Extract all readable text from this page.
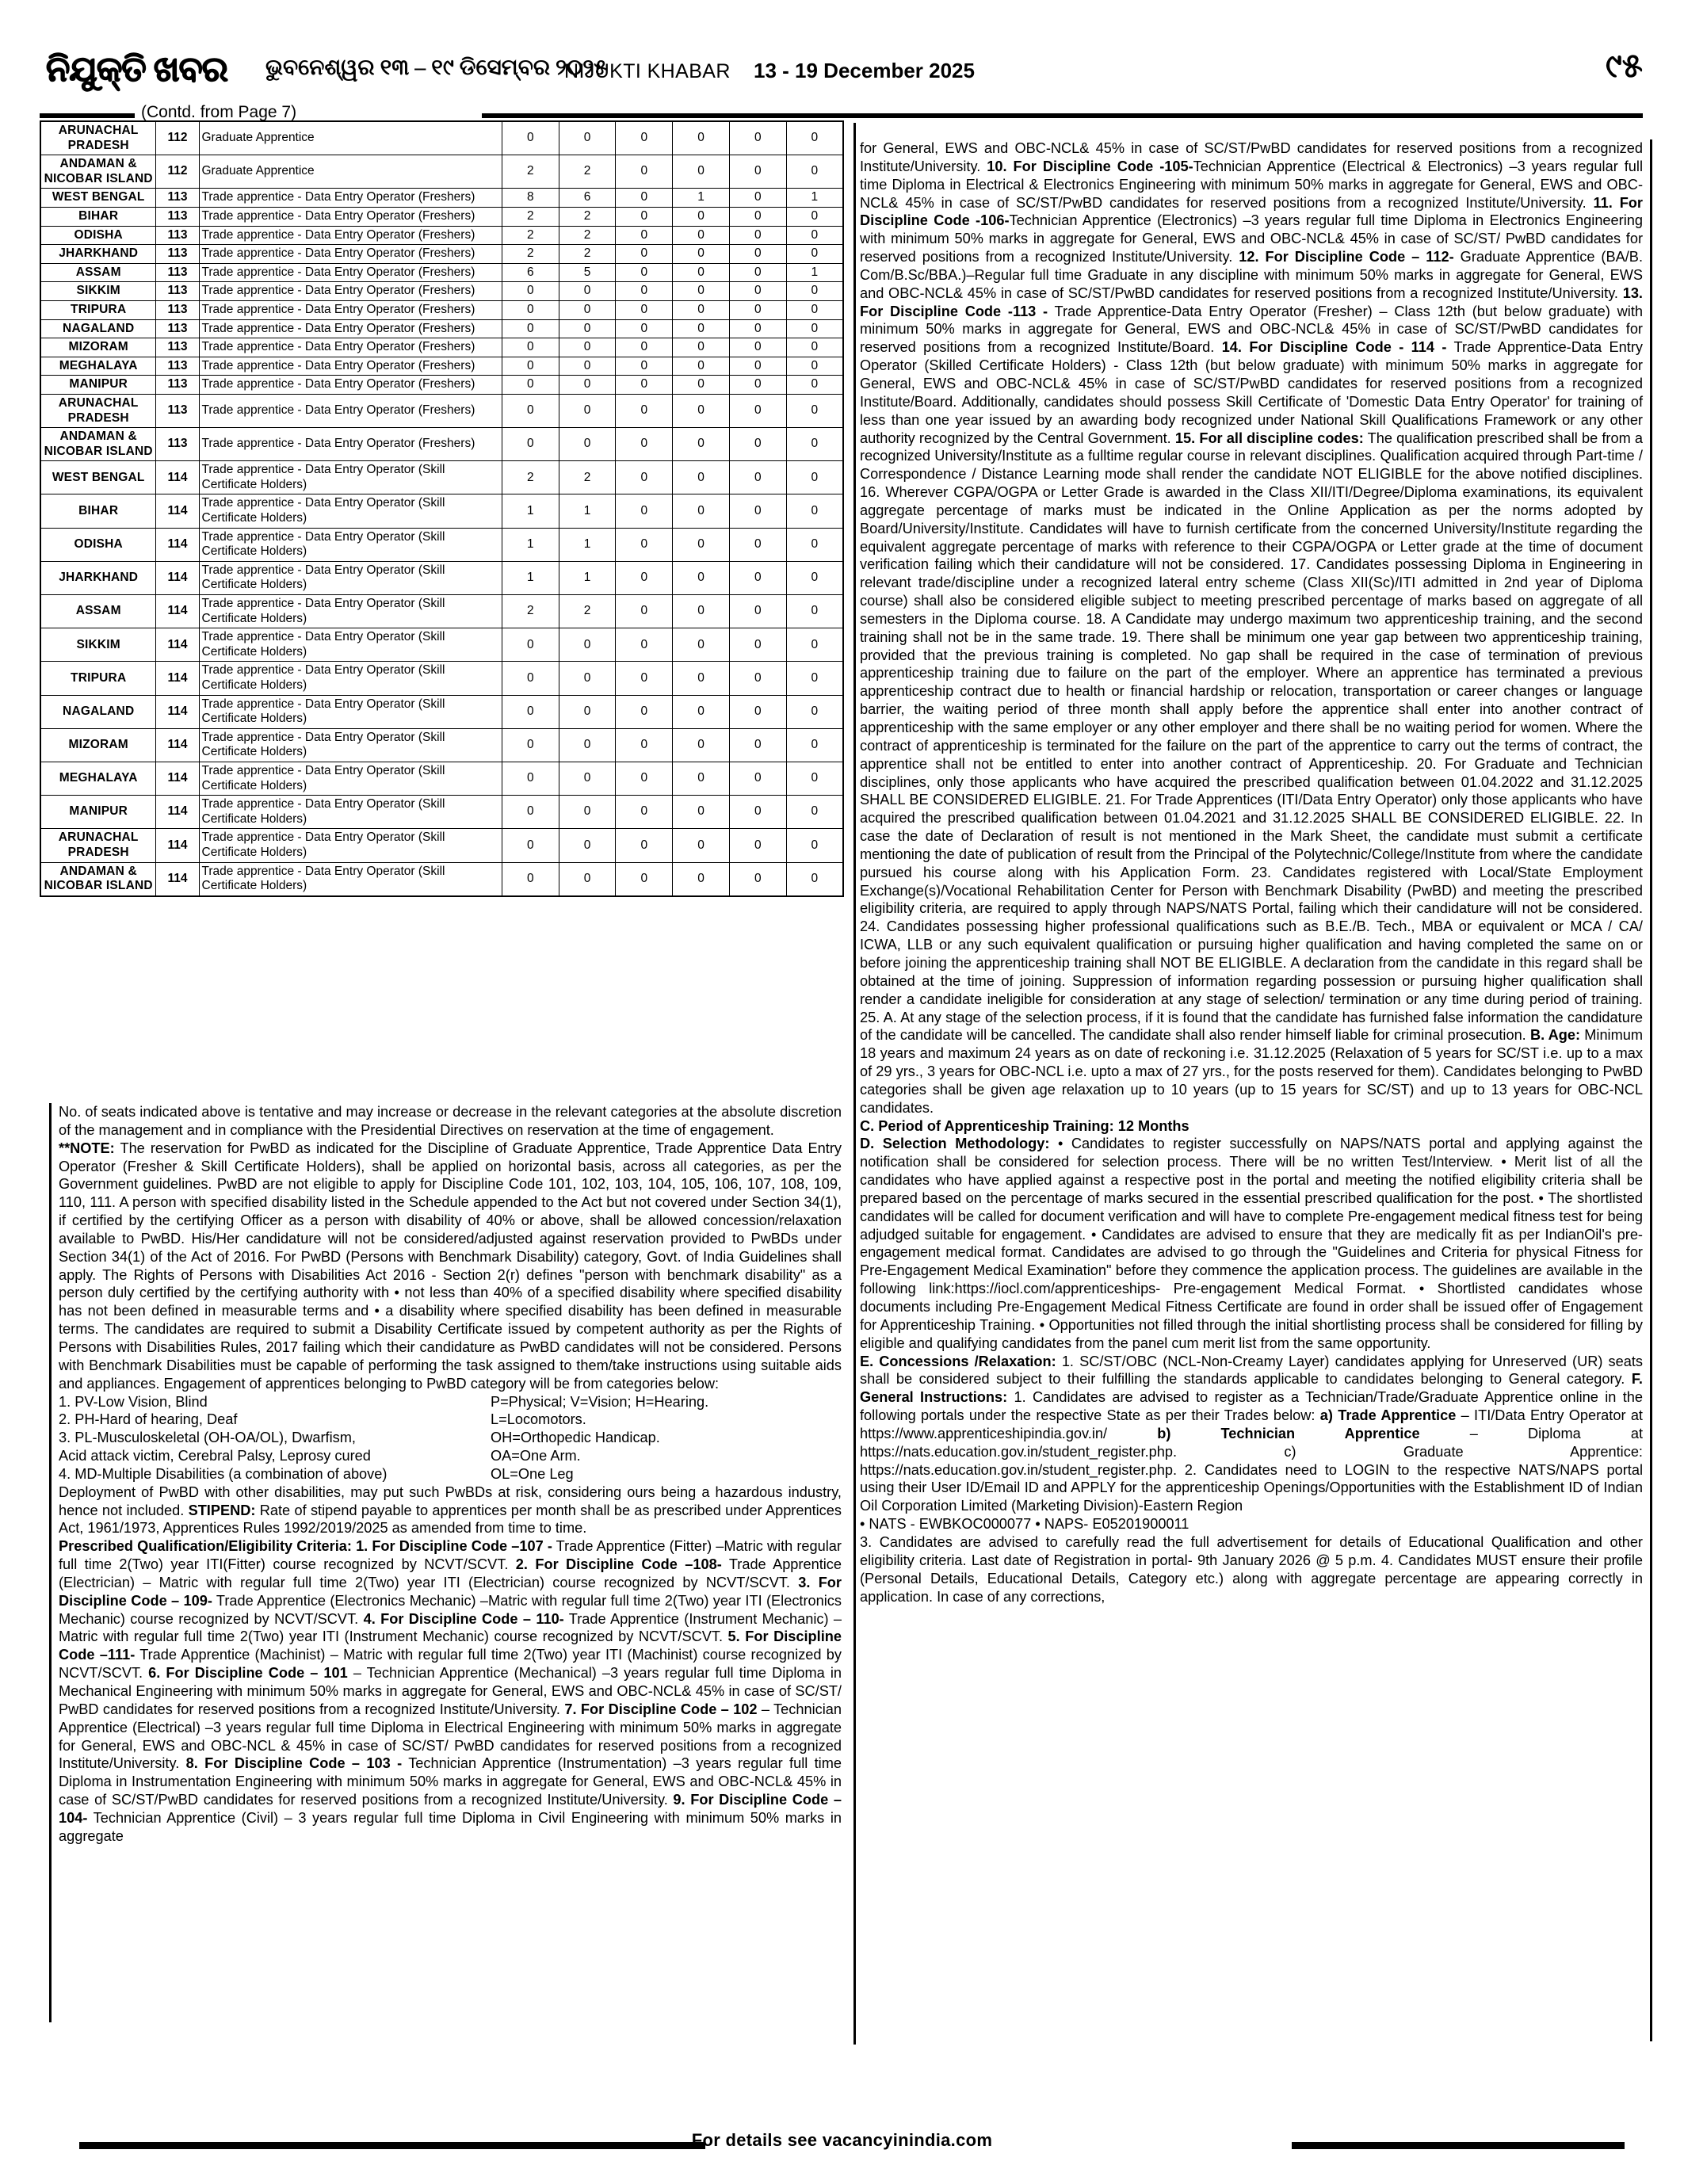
ନିଯୁକ୍ତି ଖବର ଭୁବନେଶ୍ୱର ୧୩ – ୧୯ ଡିସେମ୍ବର ୨୦୨୫
NIJUKTI KHABAR 13 - 19 December 2025	୯୫
(Contd. from Page 7)
ARUNACHAL PRADESH	112	Graduate Apprentice	0	0	0	0	0	0
ANDAMAN & NICOBAR ISLAND	112	Graduate Apprentice	2	2	0	0	0	0
WEST BENGAL	113	Trade apprentice - Data Entry Operator (Freshers)	8	6	0	1	0	1
BIHAR	113	Trade apprentice - Data Entry Operator (Freshers)	2	2	0	0	0	0
ODISHA	113	Trade apprentice - Data Entry Operator (Freshers)	2	2	0	0	0	0
JHARKHAND	113	Trade apprentice - Data Entry Operator (Freshers)	2	2	0	0	0	0
ASSAM	113	Trade apprentice - Data Entry Operator (Freshers)	6	5	0	0	0	1
SIKKIM	113	Trade apprentice - Data Entry Operator (Freshers)	0	0	0	0	0	0
TRIPURA	113	Trade apprentice - Data Entry Operator (Freshers)	0	0	0	0	0	0
NAGALAND	113	Trade apprentice - Data Entry Operator (Freshers)	0	0	0	0	0	0
MIZORAM	113	Trade apprentice - Data Entry Operator (Freshers)	0	0	0	0	0	0
MEGHALAYA	113	Trade apprentice - Data Entry Operator (Freshers)	0	0	0	0	0	0
MANIPUR	113	Trade apprentice - Data Entry Operator (Freshers)	0	0	0	0	0	0
ARUNACHAL PRADESH	113	Trade apprentice - Data Entry Operator (Freshers)	0	0	0	0	0	0
ANDAMAN & NICOBAR ISLAND	113	Trade apprentice - Data Entry Operator (Freshers)	0	0	0	0	0	0
WEST BENGAL	114	Trade apprentice - Data Entry Operator (Skill Certificate Holders)	2	2	0	0	0	0
BIHAR	114	Trade apprentice - Data Entry Operator (Skill Certificate Holders)	1	1	0	0	0	0
ODISHA	114	Trade apprentice - Data Entry Operator (Skill Certificate Holders)	1	1	0	0	0	0
JHARKHAND	114	Trade apprentice - Data Entry Operator (Skill Certificate Holders)	1	1	0	0	0	0
ASSAM	114	Trade apprentice - Data Entry Operator (Skill Certificate Holders)	2	2	0	0	0	0
SIKKIM	114	Trade apprentice - Data Entry Operator (Skill Certificate Holders)	0	0	0	0	0	0
TRIPURA	114	Trade apprentice - Data Entry Operator (Skill Certificate Holders)	0	0	0	0	0	0
NAGALAND	114	Trade apprentice - Data Entry Operator (Skill Certificate Holders)	0	0	0	0	0	0
MIZORAM	114	Trade apprentice - Data Entry Operator (Skill Certificate Holders)	0	0	0	0	0	0
MEGHALAYA	114	Trade apprentice - Data Entry Operator (Skill Certificate Holders)	0	0	0	0	0	0
MANIPUR	114	Trade apprentice - Data Entry Operator (Skill Certificate Holders)	0	0	0	0	0	0
ARUNACHAL PRADESH	114	Trade apprentice - Data Entry Operator (Skill Certificate Holders)	0	0	0	0	0	0
ANDAMAN & NICOBAR ISLAND	114	Trade apprentice - Data Entry Operator (Skill Certificate Holders)	0	0	0	0	0	0

No. of seats indicated above is tentative and may increase or decrease in the relevant categories at the absolute discretion of the management and in compliance with the Presidential Directives on reservation at the time of engagement.

**NOTE: The reservation for PwBD as indicated for the Discipline of Graduate Apprentice, Trade Apprentice Data Entry Operator (Fresher & Skill Certificate Holders), shall be applied on horizontal basis, across all categories, as per the Government guidelines. PwBD are not eligible to apply for Discipline Code 101, 102, 103, 104, 105, 106, 107, 108, 109, 110, 111. A person with specified disability listed in the Schedule appended to the Act but not covered under Section 34(1), if certified by the certifying Officer as a person with disability of 40% or above, shall be allowed concession/relaxation available to PwBD. His/Her candidature will not be considered/adjusted against reservation provided to PwBDs under Section 34(1) of the Act of 2016. For PwBD (Persons with Benchmark Disability) category, Govt. of India Guidelines shall apply. The Rights of Persons with Disabilities Act 2016 - Section 2(r) defines "person with benchmark disability" as a person duly certified by the certifying authority with • not less than 40% of a specified disability where specified disability has not been defined in measurable terms and • a disability where specified disability has been defined in measurable terms. The candidates are required to submit a Disability Certificate issued by competent authority as per the Rights of Persons with Disabilities Rules, 2017 failing which their candidature as PwBD candidates will not be considered. Persons with Benchmark Disabilities must be capable of performing the task assigned to them/take instructions using suitable aids and appliances. Engagement of apprentices belonging to PwBD category will be from categories below:

1. PV-Low Vision, Blind	P=Physical; V=Vision; H=Hearing.
2. PH-Hard of hearing, Deaf	L=Locomotors.
3. PL-Musculoskeletal (OH-OA/OL), Dwarfism,	OH=Orthopedic Handicap.
Acid attack victim, Cerebral Palsy, Leprosy cured	OA=One Arm.
4. MD-Multiple Disabilities (a combination of above)	OL=One Leg

Deployment of PwBD with other disabilities, may put such PwBDs at risk, considering ours being a hazardous industry, hence not included. STIPEND: Rate of stipend payable to apprentices per month shall be as prescribed under Apprentices Act, 1961/1973, Apprentices Rules 1992/2019/2025 as amended from time to time.

Prescribed Qualification/Eligibility Criteria: 1. For Discipline Code –107 - Trade Apprentice (Fitter) –Matric with regular full time 2(Two) year ITI(Fitter) course recognized by NCVT/SCVT. 2. For Discipline Code –108- Trade Apprentice (Electrician) – Matric with regular full time 2(Two) year ITI (Electrician) course recognized by NCVT/SCVT. 3. For Discipline Code – 109- Trade Apprentice (Electronics Mechanic) –Matric with regular full time 2(Two) year ITI (Electronics Mechanic) course recognized by NCVT/SCVT. 4. For Discipline Code – 110- Trade Apprentice (Instrument Mechanic) –Matric with regular full time 2(Two) year ITI (Instrument Mechanic) course recognized by NCVT/SCVT. 5. For Discipline Code –111- Trade Apprentice (Machinist) – Matric with regular full time 2(Two) year ITI (Machinist) course recognized by NCVT/SCVT. 6. For Discipline Code – 101 – Technician Apprentice (Mechanical) –3 years regular full time Diploma in Mechanical Engineering with minimum 50% marks in aggregate for General, EWS and OBC-NCL& 45% in case of SC/ST/ PwBD candidates for reserved positions from a recognized Institute/University. 7. For Discipline Code – 102 – Technician Apprentice (Electrical) –3 years regular full time Diploma in Electrical Engineering with minimum 50% marks in aggregate for General, EWS and OBC-NCL & 45% in case of SC/ST/ PwBD candidates for reserved positions from a recognized Institute/University. 8. For Discipline Code – 103 - Technician Apprentice (Instrumentation) –3 years regular full time Diploma in Instrumentation Engineering with minimum 50% marks in aggregate for General, EWS and OBC-NCL& 45% in case of SC/ST/PwBD candidates for reserved positions from a recognized Institute/University. 9. For Discipline Code – 104- Technician Apprentice (Civil) – 3 years regular full time Diploma in Civil Engineering with minimum 50% marks in aggregate

for General, EWS and OBC-NCL& 45% in case of SC/ST/PwBD candidates for reserved positions from a recognized Institute/University. 10. For Discipline Code -105-Technician Apprentice (Electrical & Electronics) –3 years regular full time Diploma in Electrical & Electronics Engineering with minimum 50% marks in aggregate for General, EWS and OBC-NCL& 45% in case of SC/ST/PwBD candidates for reserved positions from a recognized Institute/University. 11. For Discipline Code -106-Technician Apprentice (Electronics) –3 years regular full time Diploma in Electronics Engineering with minimum 50% marks in aggregate for General, EWS and OBC-NCL& 45% in case of SC/ST/ PwBD candidates for reserved positions from a recognized Institute/University. 12. For Discipline Code – 112- Graduate Apprentice (BA/B. Com/B.Sc/BBA.)–Regular full time Graduate in any discipline with minimum 50% marks in aggregate for General, EWS and OBC-NCL& 45% in case of SC/ST/PwBD candidates for reserved positions from a recognized Institute/University. 13. For Discipline Code -113 - Trade Apprentice-Data Entry Operator (Fresher) – Class 12th (but below graduate) with minimum 50% marks in aggregate for General, EWS and OBC-NCL& 45% in case of SC/ST/PwBD candidates for reserved positions from a recognized Institute/Board. 14. For Discipline Code - 114 - Trade Apprentice-Data Entry Operator (Skilled Certificate Holders) - Class 12th (but below graduate) with minimum 50% marks in aggregate for General, EWS and OBC-NCL& 45% in case of SC/ST/PwBD candidates for reserved positions from a recognized Institute/Board. Additionally, candidates should possess Skill Certificate of 'Domestic Data Entry Operator' for training of less than one year issued by an awarding body recognized under National Skill Qualifications Framework or any other authority recognized by the Central Government. 15. For all discipline codes: The qualification prescribed shall be from a recognized University/Institute as a fulltime regular course in relevant disciplines. Qualification acquired through Part-time / Correspondence / Distance Learning mode shall render the candidate NOT ELIGIBLE for the above notified disciplines. 16. Wherever CGPA/OGPA or Letter Grade is awarded in the Class XII/ITI/Degree/Diploma examinations, its equivalent aggregate percentage of marks must be indicated in the Online Application as per the norms adopted by Board/University/Institute. Candidates will have to furnish certificate from the concerned University/Institute regarding the equivalent aggregate percentage of marks with reference to their CGPA/OGPA or Letter grade at the time of document verification failing which their candidature will not be considered. 17. Candidates possessing Diploma in Engineering in relevant trade/discipline under a recognized lateral entry scheme (Class XII(Sc)/ITI admitted in 2nd year of Diploma course) shall also be considered eligible subject to meeting prescribed percentage of marks based on aggregate of all semesters in the Diploma course. 18. A Candidate may undergo maximum two apprenticeship training, and the second training shall not be in the same trade. 19. There shall be minimum one year gap between two apprenticeship training, provided that the previous training is completed. No gap shall be required in the case of termination of previous apprenticeship training due to failure on the part of the employer. Where an apprentice has terminated a previous apprenticeship contract due to health or financial hardship or relocation, transportation or career changes or language barrier, the waiting period of three month shall apply before the apprentice shall enter into another contract of apprenticeship with the same employer or any other employer and there shall be no waiting period for women. Where the contract of apprenticeship is terminated for the failure on the part of the apprentice to carry out the terms of contract, the apprentice shall not be entitled to enter into another contract of Apprenticeship. 20. For Graduate and Technician disciplines, only those applicants who have acquired the prescribed qualification between 01.04.2022 and 31.12.2025 SHALL BE CONSIDERED ELIGIBLE. 21. For Trade Apprentices (ITI/Data Entry Operator) only those applicants who have acquired the prescribed qualification between 01.04.2021 and 31.12.2025 SHALL BE CONSIDERED ELIGIBLE. 22. In case the date of Declaration of result is not mentioned in the Mark Sheet, the candidate must submit a certificate mentioning the date of publication of result from the Principal of the Polytechnic/College/Institute from where the candidate pursued his course along with his Application Form. 23. Candidates registered with Local/State Employment Exchange(s)/Vocational Rehabilitation Center for Person with Benchmark Disability (PwBD) and meeting the prescribed eligibility criteria, are required to apply through NAPS/NATS Portal, failing which their candidature will not be considered. 24. Candidates possessing higher professional qualifications such as B.E./B. Tech., MBA or equivalent or MCA / CA/ ICWA, LLB or any such equivalent qualification or pursuing higher qualification and having completed the same on or before joining the apprenticeship training shall NOT BE ELIGIBLE. A declaration from the candidate in this regard shall be obtained at the time of joining. Suppression of information regarding possession or pursuing higher qualification shall render a candidate ineligible for consideration at any stage of selection/ termination or any time during period of training. 25. A. At any stage of the selection process, if it is found that the candidate has furnished false information the candidature of the candidate will be cancelled. The candidate shall also render himself liable for criminal prosecution. B. Age: Minimum 18 years and maximum 24 years as on date of reckoning i.e. 31.12.2025 (Relaxation of 5 years for SC/ST i.e. up to a max of 29 yrs., 3 years for OBC-NCL i.e. upto a max of 27 yrs., for the posts reserved for them). Candidates belonging to PwBD categories shall be given age relaxation up to 10 years (up to 15 years for SC/ST) and up to 13 years for OBC-NCL candidates.

C. Period of Apprenticeship Training: 12 Months

D. Selection Methodology: • Candidates to register successfully on NAPS/NATS portal and applying against the notification shall be considered for selection process. There will be no written Test/Interview. • Merit list of all the candidates who have applied against a respective post in the portal and meeting the notified eligibility criteria shall be prepared based on the percentage of marks secured in the essential prescribed qualification for the post. • The shortlisted candidates will be called for document verification and will have to complete Pre-engagement medical fitness test for being adjudged suitable for engagement. • Candidates are advised to ensure that they are medically fit as per IndianOil's pre-engagement medical format. Candidates are advised to go through the "Guidelines and Criteria for physical Fitness for Pre-Engagement Medical Examination" before they commence the application process. The guidelines are available in the following link:https://iocl.com/apprenticeships- Pre-engagement Medical Format. • Shortlisted candidates whose documents including Pre-Engagement Medical Fitness Certificate are found in order shall be issued offer of Engagement for Apprenticeship Training. • Opportunities not filled through the initial shortlisting process shall be considered for filling by eligible and qualifying candidates from the panel cum merit list from the same opportunity.

E. Concessions /Relaxation: 1. SC/ST/OBC (NCL-Non-Creamy Layer) candidates applying for Unreserved (UR) seats shall be considered subject to their fulfilling the standards applicable to candidates belonging to General category. F. General Instructions: 1. Candidates are advised to register as a Technician/Trade/Graduate Apprentice online in the following portals under the respective State as per their Trades below: a) Trade Apprentice – ITI/Data Entry Operator at https://www.apprenticeshipindia.gov.in/ b) Technician Apprentice – Diploma at https://nats.education.gov.in/student_register.php. c) Graduate Apprentice: https://nats.education.gov.in/student_register.php. 2. Candidates need to LOGIN to the respective NATS/NAPS portal using their User ID/Email ID and APPLY for the apprenticeship Openings/Opportunities with the Establishment ID of Indian Oil Corporation Limited (Marketing Division)-Eastern Region

• NATS - EWBKOC000077 • NAPS- E05201900011

3. Candidates are advised to carefully read the full advertisement for details of Educational Qualification and other eligibility criteria. Last date of Registration in portal- 9th January 2026 @ 5 p.m. 4. Candidates MUST ensure their profile (Personal Details, Educational Details, Category etc.) along with aggregate percentage are appearing correctly in application. In case of any corrections,

For details see vacancyinindia.com
